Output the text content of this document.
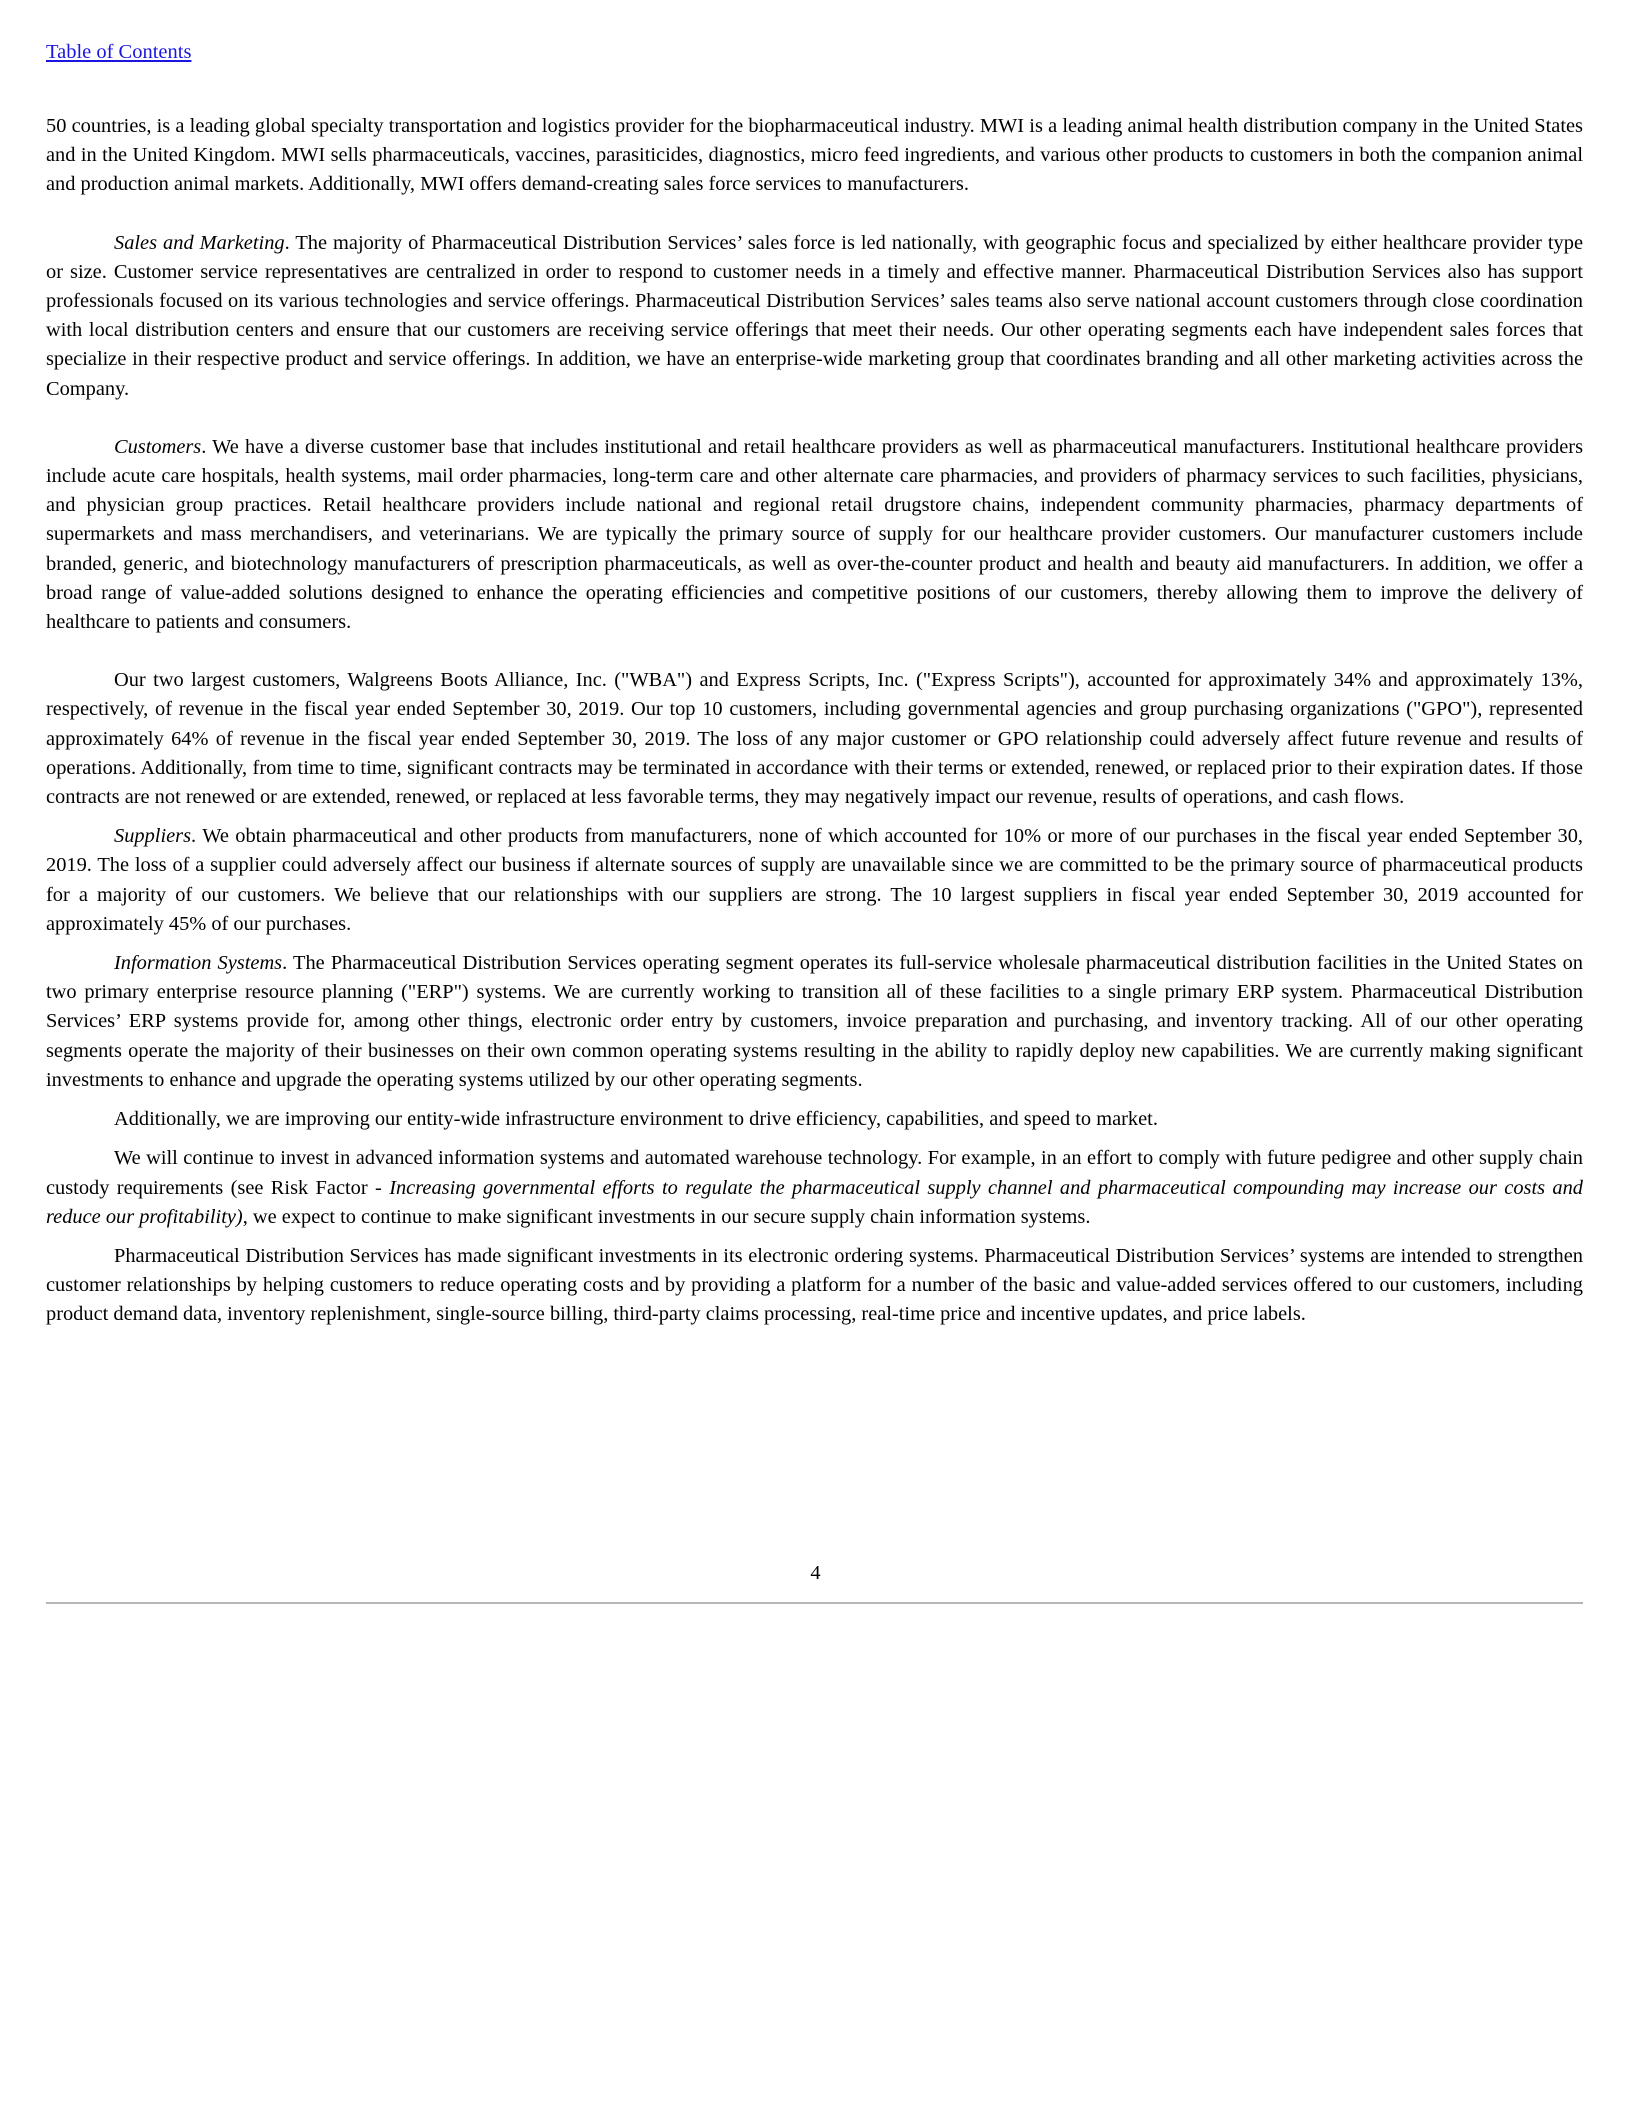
Table of Contents

50 countries, is a leading global specialty transportation and logistics provider for the biopharmaceutical industry. MWI is a leading animal health distribution company in the United States and in the United Kingdom. MWI sells pharmaceuticals, vaccines, parasiticides, diagnostics, micro feed ingredients, and various other products to customers in both the companion animal and production animal markets. Additionally, MWI offers demand-creating sales force services to manufacturers.

Sales and Marketing. The majority of Pharmaceutical Distribution Services’ sales force is led nationally, with geographic focus and specialized by either healthcare provider type or size. Customer service representatives are centralized in order to respond to customer needs in a timely and effective manner. Pharmaceutical Distribution Services also has support professionals focused on its various technologies and service offerings. Pharmaceutical Distribution Services’ sales teams also serve national account customers through close coordination with local distribution centers and ensure that our customers are receiving service offerings that meet their needs. Our other operating segments each have independent sales forces that specialize in their respective product and service offerings. In addition, we have an enterprise-wide marketing group that coordinates branding and all other marketing activities across the Company.

Customers. We have a diverse customer base that includes institutional and retail healthcare providers as well as pharmaceutical manufacturers. Institutional healthcare providers include acute care hospitals, health systems, mail order pharmacies, long-term care and other alternate care pharmacies, and providers of pharmacy services to such facilities, physicians, and physician group practices. Retail healthcare providers include national and regional retail drugstore chains, independent community pharmacies, pharmacy departments of supermarkets and mass merchandisers, and veterinarians. We are typically the primary source of supply for our healthcare provider customers. Our manufacturer customers include branded, generic, and biotechnology manufacturers of prescription pharmaceuticals, as well as over-the-counter product and health and beauty aid manufacturers. In addition, we offer a broad range of value-added solutions designed to enhance the operating efficiencies and competitive positions of our customers, thereby allowing them to improve the delivery of healthcare to patients and consumers.

Our two largest customers, Walgreens Boots Alliance, Inc. ("WBA") and Express Scripts, Inc. ("Express Scripts"), accounted for approximately 34% and approximately 13%, respectively, of revenue in the fiscal year ended September 30, 2019. Our top 10 customers, including governmental agencies and group purchasing organizations ("GPO"), represented approximately 64% of revenue in the fiscal year ended September 30, 2019. The loss of any major customer or GPO relationship could adversely affect future revenue and results of operations. Additionally, from time to time, significant contracts may be terminated in accordance with their terms or extended, renewed, or replaced prior to their expiration dates. If those contracts are not renewed or are extended, renewed, or replaced at less favorable terms, they may negatively impact our revenue, results of operations, and cash flows.

Suppliers. We obtain pharmaceutical and other products from manufacturers, none of which accounted for 10% or more of our purchases in the fiscal year ended September 30, 2019. The loss of a supplier could adversely affect our business if alternate sources of supply are unavailable since we are committed to be the primary source of pharmaceutical products for a majority of our customers. We believe that our relationships with our suppliers are strong. The 10 largest suppliers in fiscal year ended September 30, 2019 accounted for approximately 45% of our purchases.

Information Systems. The Pharmaceutical Distribution Services operating segment operates its full-service wholesale pharmaceutical distribution facilities in the United States on two primary enterprise resource planning ("ERP") systems. We are currently working to transition all of these facilities to a single primary ERP system. Pharmaceutical Distribution Services’ ERP systems provide for, among other things, electronic order entry by customers, invoice preparation and purchasing, and inventory tracking. All of our other operating segments operate the majority of their businesses on their own common operating systems resulting in the ability to rapidly deploy new capabilities. We are currently making significant investments to enhance and upgrade the operating systems utilized by our other operating segments.

Additionally, we are improving our entity-wide infrastructure environment to drive efficiency, capabilities, and speed to market.

We will continue to invest in advanced information systems and automated warehouse technology. For example, in an effort to comply with future pedigree and other supply chain custody requirements (see Risk Factor - Increasing governmental efforts to regulate the pharmaceutical supply channel and pharmaceutical compounding may increase our costs and reduce our profitability), we expect to continue to make significant investments in our secure supply chain information systems.

Pharmaceutical Distribution Services has made significant investments in its electronic ordering systems. Pharmaceutical Distribution Services’ systems are intended to strengthen customer relationships by helping customers to reduce operating costs and by providing a platform for a number of the basic and value-added services offered to our customers, including product demand data, inventory replenishment, single-source billing, third-party claims processing, real-time price and incentive updates, and price labels.

4
